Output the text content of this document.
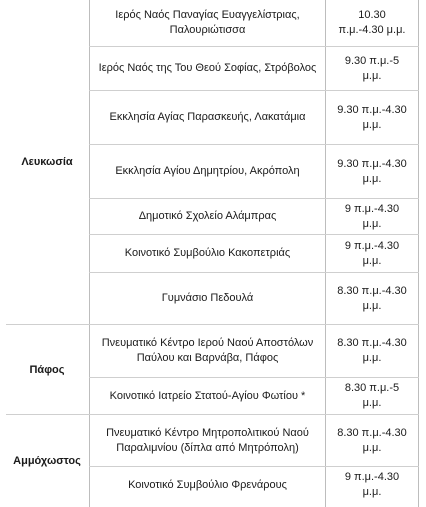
Λευκωσία
Πάφος
Αμμόχωστος
Ιερός Ναός Παναγίας Ευαγγελίστριας, Παλουριώτισσα
10.30 π.μ.-4.30 μ.μ.
Ιερός Ναός της Του Θεού Σοφίας, Στρόβολος
9.30 π.μ.-5 μ.μ.
Εκκλησία Αγίας Παρασκευής, Λακατάμια
9.30 π.μ.-4.30 μ.μ.
Εκκλησία Αγίου Δημητρίου, Ακρόπολη
9.30 π.μ.-4.30 μ.μ.
Δημοτικό Σχολείο Αλάμπρας
9 π.μ.-4.30 μ.μ.
Κοινοτικό Συμβούλιο Κακοπετριάς
9 π.μ.-4.30 μ.μ.
Γυμνάσιο Πεδουλά
8.30 π.μ.-4.30 μ.μ.
Πνευματικό Κέντρο Ιερού Ναού Αποστόλων Παύλου και Βαρνάβα, Πάφος
8.30 π.μ.-4.30 μ.μ.
Κοινοτικό Ιατρείο Στατού-Αγίου Φωτίου *
8.30 π.μ.-5 μ.μ.
Πνευματικό Κέντρο Μητροπολιτικού Ναού Παραλιμνίου (δίπλα από Μητρόπολη)
8.30 π.μ.-4.30 μ.μ.
Κοινοτικό Συμβούλιο Φρενάρους
9 π.μ.-4.30 μ.μ.
